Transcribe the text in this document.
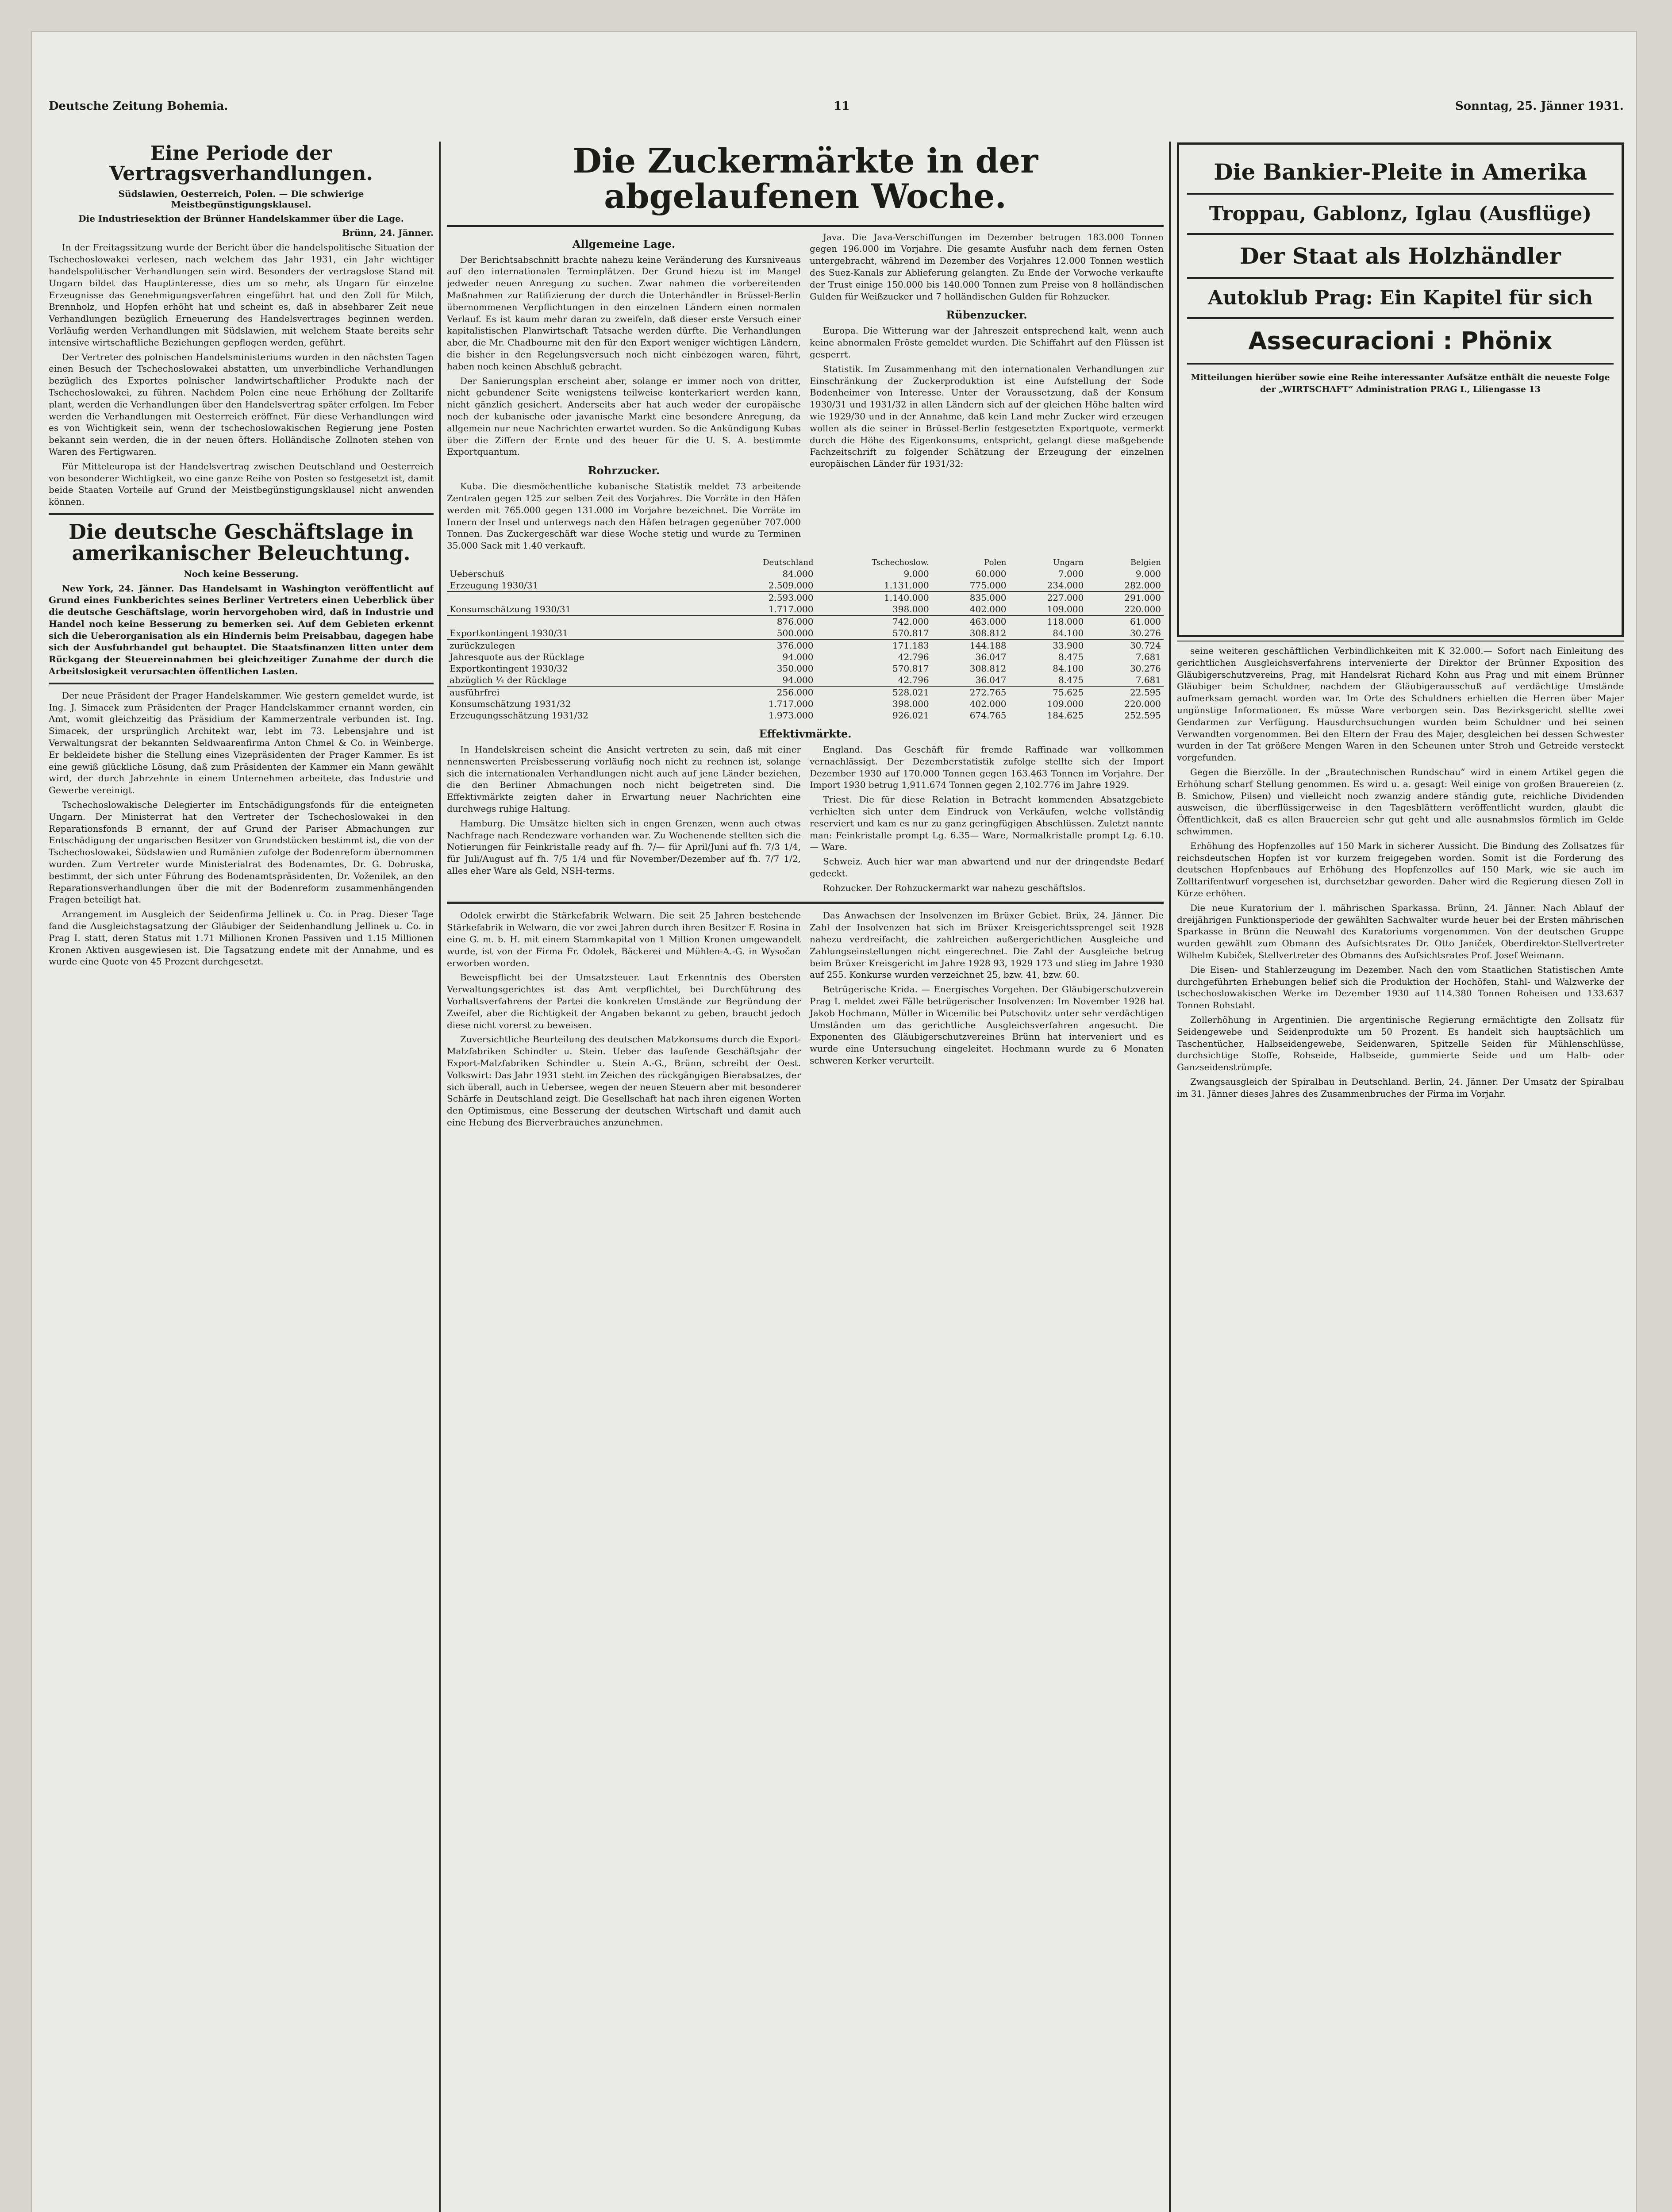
Deutsche Zeitung Bohemia.	11	Sonntag, 25. Jänner 1931.
Eine Periode der Vertragsverhandlungen.
Südslawien, Oesterreich, Polen. — Die schwierige Meistbegünstigungsklausel.
Die Industriesektion der Brünner Handelskammer über die Lage.
Brünn, 24. Jänner.

In der Freitagssitzung wurde der Bericht über die handelspolitische Situation der Tschechoslowakei verlesen, nach welchem das Jahr 1931, ein Jahr wichtiger handelspolitischer Verhandlungen sein wird. Besonders der vertragslose Stand mit Ungarn bildet das Hauptinteresse, dies um so mehr, als Ungarn für einzelne Erzeugnisse das Genehmigungsverfahren eingeführt hat und den Zoll für Milch, Brennholz, und Hopfen erhöht hat und scheint es, daß in absehbarer Zeit neue Verhandlungen bezüglich Erneuerung des Handelsvertrages beginnen werden. Vorläufig werden Verhandlungen mit Südslawien, mit welchem Staate bereits sehr intensive wirtschaftliche Beziehungen gepflogen werden, geführt.

Der Vertreter des polnischen Handelsministeriums wurden in den nächsten Tagen einen Besuch der Tschechoslowakei abstatten, um unverbindliche Verhandlungen bezüglich des Exportes polnischer landwirtschaftlicher Produkte nach der Tschechoslowakei, zu führen. Nachdem Polen eine neue Erhöhung der Zolltarife plant, werden die Verhandlungen über den Handelsvertrag später erfolgen. Im Feber werden die Verhandlungen mit Oesterreich eröffnet. Für diese Verhandlungen wird es von Wichtigkeit sein, wenn der tschechoslowakischen Regierung jene Posten bekannt sein werden, die in der neuen öfters. Holländische Zollnoten stehen von Waren des Fertigwaren.

Für Mitteleuropa ist der Handelsvertrag zwischen Deutschland und Oesterreich von besonderer Wichtigkeit, wo eine ganze Reihe von Posten so festgesetzt ist, damit beide Staaten Vorteile auf Grund der Meistbegünstigungsklausel nicht anwenden können.

Die deutsche Geschäftslage in amerikanischer Beleuchtung.
Noch keine Besserung.

New York, 24. Jänner. Das Handelsamt in Washington veröffentlicht auf Grund eines Funkberichtes seines Berliner Vertreters einen Ueberblick über die deutsche Geschäftslage, worin hervorgehoben wird, daß in Industrie und Handel noch keine Besserung zu bemerken sei. Auf dem Gebieten erkennt sich die Ueberorganisation als ein Hindernis beim Preisabbau, dagegen habe sich der Ausfuhrhandel gut behauptet. Die Staatsfinanzen litten unter dem Rückgang der Steuereinnahmen bei gleichzeitiger Zunahme der durch die Arbeitslosigkeit verursachten öffentlichen Lasten.

Der neue Präsident der Prager Handelskammer. Wie gestern gemeldet wurde, ist Ing. J. Simacek zum Präsidenten der Prager Handelskammer ernannt worden, ein Amt, womit gleichzeitig das Präsidium der Kammerzentrale verbunden ist. Ing. Simacek, der ursprünglich Architekt war, lebt im 73. Lebensjahre und ist Verwaltungsrat der bekannten Seldwaarenfirma Anton Chmel & Co. in Weinberge. Er bekleidete bisher die Stellung eines Vizepräsidenten der Prager Kammer. Es ist eine gewiß glückliche Lösung, daß zum Präsidenten der Kammer ein Mann gewählt wird, der durch Jahrzehnte in einem Unternehmen arbeitete, das Industrie und Gewerbe vereinigt.

Tschechoslowakische Delegierter im Entschädigungsfonds für die enteigneten Ungarn. Der Ministerrat hat den Vertreter der Tschechoslowakei in den Reparationsfonds B ernannt, der auf Grund der Pariser Abmachungen zur Entschädigung der ungarischen Besitzer von Grundstücken bestimmt ist, die von der Tschechoslowakei, Südslawien und Rumänien zufolge der Bodenreform übernommen wurden. Zum Vertreter wurde Ministerialrat des Bodenamtes, Dr. G. Dobruska, bestimmt, der sich unter Führung des Bodenamtspräsidenten, Dr. Voženilek, an den Reparationsverhandlungen über die mit der Bodenreform zusammenhängenden Fragen beteiligt hat.

Arrangement im Ausgleich der Seidenfirma Jellinek u. Co. in Prag. Dieser Tage fand die Ausgleichstagsatzung der Gläubiger der Seidenhandlung Jellinek u. Co. in Prag I. statt, deren Status mit 1.71 Millionen Kronen Passiven und 1.15 Millionen Kronen Aktiven ausgewiesen ist. Die Tagsatzung endete mit der Annahme, und es wurde eine Quote von 45 Prozent durchgesetzt.

Die Zuckermärkte in der abgelaufenen Woche.
Allgemeine Lage.

Der Berichtsabschnitt brachte nahezu keine Veränderung des Kursniveaus auf den internationalen Terminplätzen. Der Grund hiezu ist im Mangel jedweder neuen Anregung zu suchen. Zwar nahmen die vorbereitenden Maßnahmen zur Ratifizierung der durch die Unterhändler in Brüssel-Berlin übernommenen Verpflichtungen in den einzelnen Ländern einen normalen Verlauf. Es ist kaum mehr daran zu zweifeln, daß dieser erste Versuch einer kapitalistischen Planwirtschaft Tatsache werden dürfte. Die Verhandlungen aber, die Mr. Chadbourne mit den für den Export weniger wichtigen Ländern, die bisher in den Regelungsversuch noch nicht einbezogen waren, führt, haben noch keinen Abschluß gebracht.

Der Sanierungsplan erscheint aber, solange er immer noch von dritter, nicht gebundener Seite wenigstens teilweise konterkariert werden kann, nicht gänzlich gesichert. Anderseits aber hat auch weder der europäische noch der kubanische oder javanische Markt eine besondere Anregung, da allgemein nur neue Nachrichten erwartet wurden. So die Ankündigung Kubas über die Ziffern der Ernte und des heuer für die U. S. A. bestimmte Exportquantum.

Rohrzucker.

Kuba. Die diesmöchentliche kubanische Statistik meldet 73 arbeitende Zentralen gegen 125 zur selben Zeit des Vorjahres. Die Vorräte in den Häfen werden mit 765.000 gegen 131.000 im Vorjahre bezeichnet. Die Vorräte im Innern der Insel und unterwegs nach den Häfen betragen gegenüber 707.000 Tonnen. Das Zuckergeschäft war diese Woche stetig und wurde zu Terminen 35.000 Sack mit 1.40 verkauft.

Java. Die Java-Verschiffungen im Dezember betrugen 183.000 Tonnen gegen 196.000 im Vorjahre. Die gesamte Ausfuhr nach dem fernen Osten untergebracht, während im Dezember des Vorjahres 12.000 Tonnen westlich des Suez-Kanals zur Ablieferung gelangten. Zu Ende der Vorwoche verkaufte der Trust einige 150.000 bis 140.000 Tonnen zum Preise von 8 holländischen Gulden für Weißzucker und 7 holländischen Gulden für Rohzucker.

Rübenzucker.

Europa. Die Witterung war der Jahreszeit entsprechend kalt, wenn auch keine abnormalen Fröste gemeldet wurden. Die Schiffahrt auf den Flüssen ist gesperrt.

Statistik. Im Zusammenhang mit den internationalen Verhandlungen zur Einschränkung der Zuckerproduktion ist eine Aufstellung der Sode Bodenheimer von Interesse. Unter der Voraussetzung, daß der Konsum 1930/31 und 1931/32 in allen Ländern sich auf der gleichen Höhe halten wird wie 1929/30 und in der Annahme, daß kein Land mehr Zucker wird erzeugen wollen als die seiner in Brüssel-Berlin festgesetzten Exportquote, vermerkt durch die Höhe des Eigenkonsums, entspricht, gelangt diese maßgebende Fachzeitschrift zu folgender Schätzung der Erzeugung der einzelnen europäischen Länder für 1931/32:

	Deutschland	Tschechoslow.	Polen	Ungarn	Belgien
Ueberschuß	84.000	9.000	60.000	7.000	9.000
Erzeugung 1930/31	2.509.000	1.131.000	775.000	234.000	282.000
	2.593.000	1.140.000	835.000	227.000	291.000
Konsumschätzung 1930/31	1.717.000	398.000	402.000	109.000	220.000
	876.000	742.000	463.000	118.000	61.000
Exportkontingent 1930/31	500.000	570.817	308.812	84.100	30.276
zurückzulegen	376.000	171.183	144.188	33.900	30.724
Jahresquote aus der Rücklage	94.000	42.796	36.047	8.475	7.681
Exportkontingent 1930/32	350.000	570.817	308.812	84.100	30.276
abzüglich ¼ der Rücklage	94.000	42.796	36.047	8.475	7.681
ausführfrei	256.000	528.021	272.765	75.625	22.595
Konsumschätzung 1931/32	1.717.000	398.000	402.000	109.000	220.000
Erzeugungsschätzung 1931/32	1.973.000	926.021	674.765	184.625	252.595
Effektivmärkte.

In Handelskreisen scheint die Ansicht vertreten zu sein, daß mit einer nennenswerten Preisbesserung vorläufig noch nicht zu rechnen ist, solange sich die internationalen Verhandlungen nicht auch auf jene Länder beziehen, die den Berliner Abmachungen noch nicht beigetreten sind. Die Effektivmärkte zeigten daher in Erwartung neuer Nachrichten eine durchwegs ruhige Haltung.

Hamburg. Die Umsätze hielten sich in engen Grenzen, wenn auch etwas Nachfrage nach Rendezware vorhanden war. Zu Wochenende stellten sich die Notierungen für Feinkristalle ready auf fh. 7/— für April/Juni auf fh. 7/3 1/4, für Juli/August auf fh. 7/5 1/4 und für November/Dezember auf fh. 7/7 1/2, alles eher Ware als Geld, NSH-terms.

England. Das Geschäft für fremde Raffinade war vollkommen vernachlässigt. Der Dezemberstatistik zufolge stellte sich der Import Dezember 1930 auf 170.000 Tonnen gegen 163.463 Tonnen im Vorjahre. Der Import 1930 betrug 1,911.674 Tonnen gegen 2,102.776 im Jahre 1929.

Triest. Die für diese Relation in Betracht kommenden Absatzgebiete verhielten sich unter dem Eindruck von Verkäufen, welche vollständig reserviert und kam es nur zu ganz geringfügigen Abschlüssen. Zuletzt nannte man: Feinkristalle prompt Lg. 6.35— Ware, Normalkristalle prompt Lg. 6.10.— Ware.

Schweiz. Auch hier war man abwartend und nur der dringendste Bedarf gedeckt.

Rohzucker. Der Rohzuckermarkt war nahezu geschäftslos.

Odolek erwirbt die Stärkefabrik Welwarn. Die seit 25 Jahren bestehende Stärkefabrik in Welwarn, die vor zwei Jahren durch ihren Besitzer F. Rosina in eine G. m. b. H. mit einem Stammkapital von 1 Million Kronen umgewandelt wurde, ist von der Firma Fr. Odolek, Bäckerei und Mühlen-A.-G. in Wysočan erworben worden.

Beweispflicht bei der Umsatzsteuer. Laut Erkenntnis des Obersten Verwaltungsgerichtes ist das Amt verpflichtet, bei Durchführung des Vorhaltsverfahrens der Partei die konkreten Umstände zur Begründung der Zweifel, aber die Richtigkeit der Angaben bekannt zu geben, braucht jedoch diese nicht vorerst zu beweisen.

Zuversichtliche Beurteilung des deutschen Malzkonsums durch die Export-Malzfabriken Schindler u. Stein. Ueber das laufende Geschäftsjahr der Export-Malzfabriken Schindler u. Stein A.-G., Brünn, schreibt der Oest. Volkswirt: Das Jahr 1931 steht im Zeichen des rückgängigen Bierabsatzes, der sich überall, auch in Uebersee, wegen der neuen Steuern aber mit besonderer Schärfe in Deutschland zeigt. Die Gesellschaft hat nach ihren eigenen Worten den Optimismus, eine Besserung der deutschen Wirtschaft und damit auch eine Hebung des Bierverbrauches anzunehmen.

Das Anwachsen der Insolvenzen im Brüxer Gebiet. Brüx, 24. Jänner. Die Zahl der Insolvenzen hat sich im Brüxer Kreisgerichtssprengel seit 1928 nahezu verdreifacht, die zahlreichen außergerichtlichen Ausgleiche und Zahlungseinstellungen nicht eingerechnet. Die Zahl der Ausgleiche betrug beim Brüxer Kreisgericht im Jahre 1928 93, 1929 173 und stieg im Jahre 1930 auf 255. Konkurse wurden verzeichnet 25, bzw. 41, bzw. 60.

Betrügerische Krida. — Energisches Vorgehen. Der Gläubigerschutzverein Prag I. meldet zwei Fälle betrügerischer Insolvenzen: Im November 1928 hat Jakob Hochmann, Müller in Wicemilic bei Putschovitz unter sehr verdächtigen Umständen um das gerichtliche Ausgleichsverfahren angesucht. Die Exponenten des Gläubigerschutzvereines Brünn hat interveniert und es wurde eine Untersuchung eingeleitet. Hochmann wurde zu 6 Monaten schweren Kerker verurteilt.

Die Bankier-Pleite in Amerika
Troppau, Gablonz, Iglau (Ausflüge)
Der Staat als Holzhändler
Autoklub Prag: Ein Kapitel für sich
Assecuracioni : Phönix
Mitteilungen hierüber sowie eine Reihe interessanter Aufsätze enthält die neueste Folge der „WIRTSCHAFT“ Administration PRAG I., Liliengasse 13

seine weiteren geschäftlichen Verbindlichkeiten mit K 32.000.— Sofort nach Einleitung des gerichtlichen Ausgleichsverfahrens intervenierte der Direktor der Brünner Exposition des Gläubigerschutzvereins, Prag, mit Handelsrat Richard Kohn aus Prag und mit einem Brünner Gläubiger beim Schuldner, nachdem der Gläubigerausschuß auf verdächtige Umstände aufmerksam gemacht worden war. Im Orte des Schuldners erhielten die Herren über Majer ungünstige Informationen. Es müsse Ware verborgen sein. Das Bezirksgericht stellte zwei Gendarmen zur Verfügung. Hausdurchsuchungen wurden beim Schuldner und bei seinen Verwandten vorgenommen. Bei den Eltern der Frau des Majer, desgleichen bei dessen Schwester wurden in der Tat größere Mengen Waren in den Scheunen unter Stroh und Getreide versteckt vorgefunden.

Gegen die Bierzölle. In der „Brautechnischen Rundschau“ wird in einem Artikel gegen die Erhöhung scharf Stellung genommen. Es wird u. a. gesagt: Weil einige von großen Brauereien (z. B. Smichow, Pilsen) und vielleicht noch zwanzig andere ständig gute, reichliche Dividenden ausweisen, die überflüssigerweise in den Tagesblättern veröffentlicht wurden, glaubt die Öffentlichkeit, daß es allen Brauereien sehr gut geht und alle ausnahmslos förmlich im Gelde schwimmen.

Erhöhung des Hopfenzolles auf 150 Mark in sicherer Aussicht. Die Bindung des Zollsatzes für reichsdeutschen Hopfen ist vor kurzem freigegeben worden. Somit ist die Forderung des deutschen Hopfenbaues auf Erhöhung des Hopfenzolles auf 150 Mark, wie sie auch im Zolltarifentwurf vorgesehen ist, durchsetzbar geworden. Daher wird die Regierung diesen Zoll in Kürze erhöhen.

Die neue Kuratorium der l. mährischen Sparkassa. Brünn, 24. Jänner. Nach Ablauf der dreijährigen Funktionsperiode der gewählten Sachwalter wurde heuer bei der Ersten mährischen Sparkasse in Brünn die Neuwahl des Kuratoriums vorgenommen. Von der deutschen Gruppe wurden gewählt zum Obmann des Aufsichtsrates Dr. Otto Janiček, Oberdirektor-Stellvertreter Wilhelm Kubiček, Stellvertreter des Obmanns des Aufsichtsrates Prof. Josef Weimann.

Die Eisen- und Stahlerzeugung im Dezember. Nach den vom Staatlichen Statistischen Amte durchgeführten Erhebungen belief sich die Produktion der Hochöfen, Stahl- und Walzwerke der tschechoslowakischen Werke im Dezember 1930 auf 114.380 Tonnen Roheisen und 133.637 Tonnen Rohstahl.

Zollerhöhung in Argentinien. Die argentinische Regierung ermächtigte den Zollsatz für Seidengewebe und Seidenprodukte um 50 Prozent. Es handelt sich hauptsächlich um Taschentücher, Halbseidengewebe, Seidenwaren, Spitzelle Seiden für Mühlenschlüsse, durchsichtige Stoffe, Rohseide, Halbseide, gummierte Seide und um Halb- oder Ganzseidenstrümpfe.

Zwangsausgleich der Spiralbau in Deutschland. Berlin, 24. Jänner. Der Umsatz der Spiralbau im 31. Jänner dieses Jahres des Zusammenbruches der Firma im Vorjahr.
